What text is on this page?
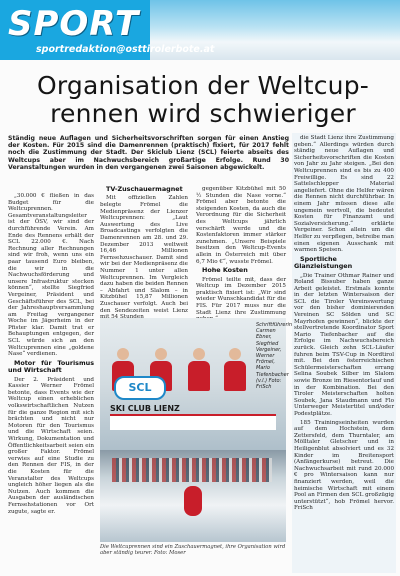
SPORT
sportredaktion@osttirolerbote.at
Organisation der Weltcup-rennen wird schwieriger
Ständig neue Auflagen und Sicherheitsvorschriften sorgen für einen Anstieg der Kosten. Für 2015 sind die Damenrennen (praktisch) fixiert, für 2017 fehlt noch die Zustimmung der Stadt. Der Skiclub Lienz (SCL) feierte abseits des Weltcups aber im Nachwuchsbereich großartige Erfolge. Rund 30 Veranstaltungen wurden in den vergangenen zwei Saisonen abgewickelt.

„30.000 € fließen in das Budget für die Weltcuprennen. Gesamtveranstaltungsleiter ist der ÖSV, wir sind der durchführende Verein. Am Ende des Rennens erhält der SCL 22.000 €. Nach Rechnung aller Rechnungen sind wir froh, wenn uns ein paar tausend Euro bleiben, die wir in die Nachwuchsförderung und unsere Infrastruktur stecken können“, stellte Siegfried Vergeiner, Präsident und Geschäftsführer des SCL, bei der Jahreshauptversammlung am Freitag vergangener Woche im Jägerheim in der Pfister klar. Damit trat er Behauptungen entgegen, der SCL würde sich an den Weltcuprennen eine „goldene Nase“ verdienen.

Motor für Tourismus und Wirtschaft

Der 2. Präsident und Kassier Werner Frömel betonte, dass Events wie der Weltcup einen erheblichen volkswirtschaftlichen Nutzen für die ganze Region mit sich brächten und nicht nur Motoren für den Tourismus und die Wirtschaft seien. Wirkung, Dokumentation und Öffentlichkeitsarbeit seien ein großer Faktor. Frömel verwies auf eine Studie zu den Rennen der FIS, in der die Kosten für die Veranstalter des Weltcups ungleich höher liegen als die Nutzen. Auch kommen die Ausgaben der ausländischen Fernsehstationen vor Ort zugute, sagte er.

TV-Zuschauermagnet

Mit offiziellen Zahlen belegte Frömel die Medienpräsenz der Lienzer Weltcuprennen: „Laut Auswertung des Live Broadcastings verfolgten die Damenrennen am 28. und 29. Dezember 2013 weltweit 16,46 Millionen Fernsehzuschauer. Damit sind wir bei der Medienpräsenz die Nummer 1 unter allen Weltcuprennen. Im Vergleich dazu haben die beiden Rennen – Abfahrt und Slalom – in Kitzbühel 15,87 Millionen Zuschauer verfolgt. Auch bei den Sendezeiten weist Lienz

gegenüber Kitzbühel mit 50 ½ Stunden die Nase vorne.“ Frömel aber betonte die steigenden Kosten, da auch die Verordnung für die Sicherheit des Weltcups jährlich verschärft werde und die Kostenfaktoren immer stärker zunehmen. „Unsere Beispiele besitzen den Weltcup-Events allein in Österreich mit über 6,7 Mio €“, wusste Frömel.

Hohe Kosten

Frömel teilte mit, dass der Weltcup im Dezember 2015 praktisch fixiert ist: „Wir sind wieder Wunschkandidat für die FIS. Für 2017 muss nur die Stadt Lienz ihre Zustimmung

die Stadt Lienz ihre Zustimmung geben.“ Allerdings würden durch ständig neue Auflagen und Sicherheitsvorschriften die Kosten von Jahr zu Jahr steigen. „Bei den Weltcuprennen sind es bis zu 400 Freiwillige. Es sind 22 Sattelschlepper Material angeliefert. Ohne die Helfer wären die Rennen nicht durchführbar. In einem Jahr müssen diese alle ungemein wertvoll, die bedeutet Kosten für Finanzamt und Sozialversicherung.“ erklärte Vergeiner. Schon allein um die Helfer zu verpflegen, betreibe man einen eigenen Ausschank mit warmen Speisen.

Sportliche Glanzleistungen

„Die Trainer Othmar Rainer und Roland Bissuber haben ganze Arbeit geleistet. Erstmals konnte in der letzten Wintersaison der SCL die Tiroler Vereinswertung vor den bisher dominierenden Vereinen SC Sölden und SC Mayrhofen gewinnen“, blickte der stellvertretende Koordinator Sport Mario Tiefenbacher auf die Erfolge im Nachwuchsbereich zurück. Gleich zehn SCL-Läufer fuhren beim TSV-Cup in Nordtirol mit. Bei den österreichischen Schülermeisterschaften errang Selina Soubek Silber im Slalom sowie Bronze im Riesentorlauf und in der Kombination. Bei den Tiroler Meisterschaften holten Soubek, Jana Staudmann und Flo Unterweger Meistertitel und/oder Podestplätze.

185 Trainingseinheiten wurden auf dem Hochstein, dem Zettersfeld, dem Thurntaler, am Mölltaler Gletscher und in Heiligenblut absolviert und es 32 Kinder im Breitensport (Anfängerkurse) betreut. Die Nachwuchsarbeit mit rund 20.000 € pro Wintersaison kann nur finanziert werden, weil die heimische Wirtschaft mit einem Pool an Firmen den SCL großzügig unterstützt“, hob Frömel hervor. FriSch

SCL
SKI CLUB LIENZ
Schriftführerin Carmen Ebner, Siegfried Vergeiner, Werner Frömel, Mario Tiefenbacher (v.l.) Foto: FriSch
Die Weltcuprennen sind ein Zuschauermagnet, ihre Organisation wird aber ständig teurer. Foto: Moser
